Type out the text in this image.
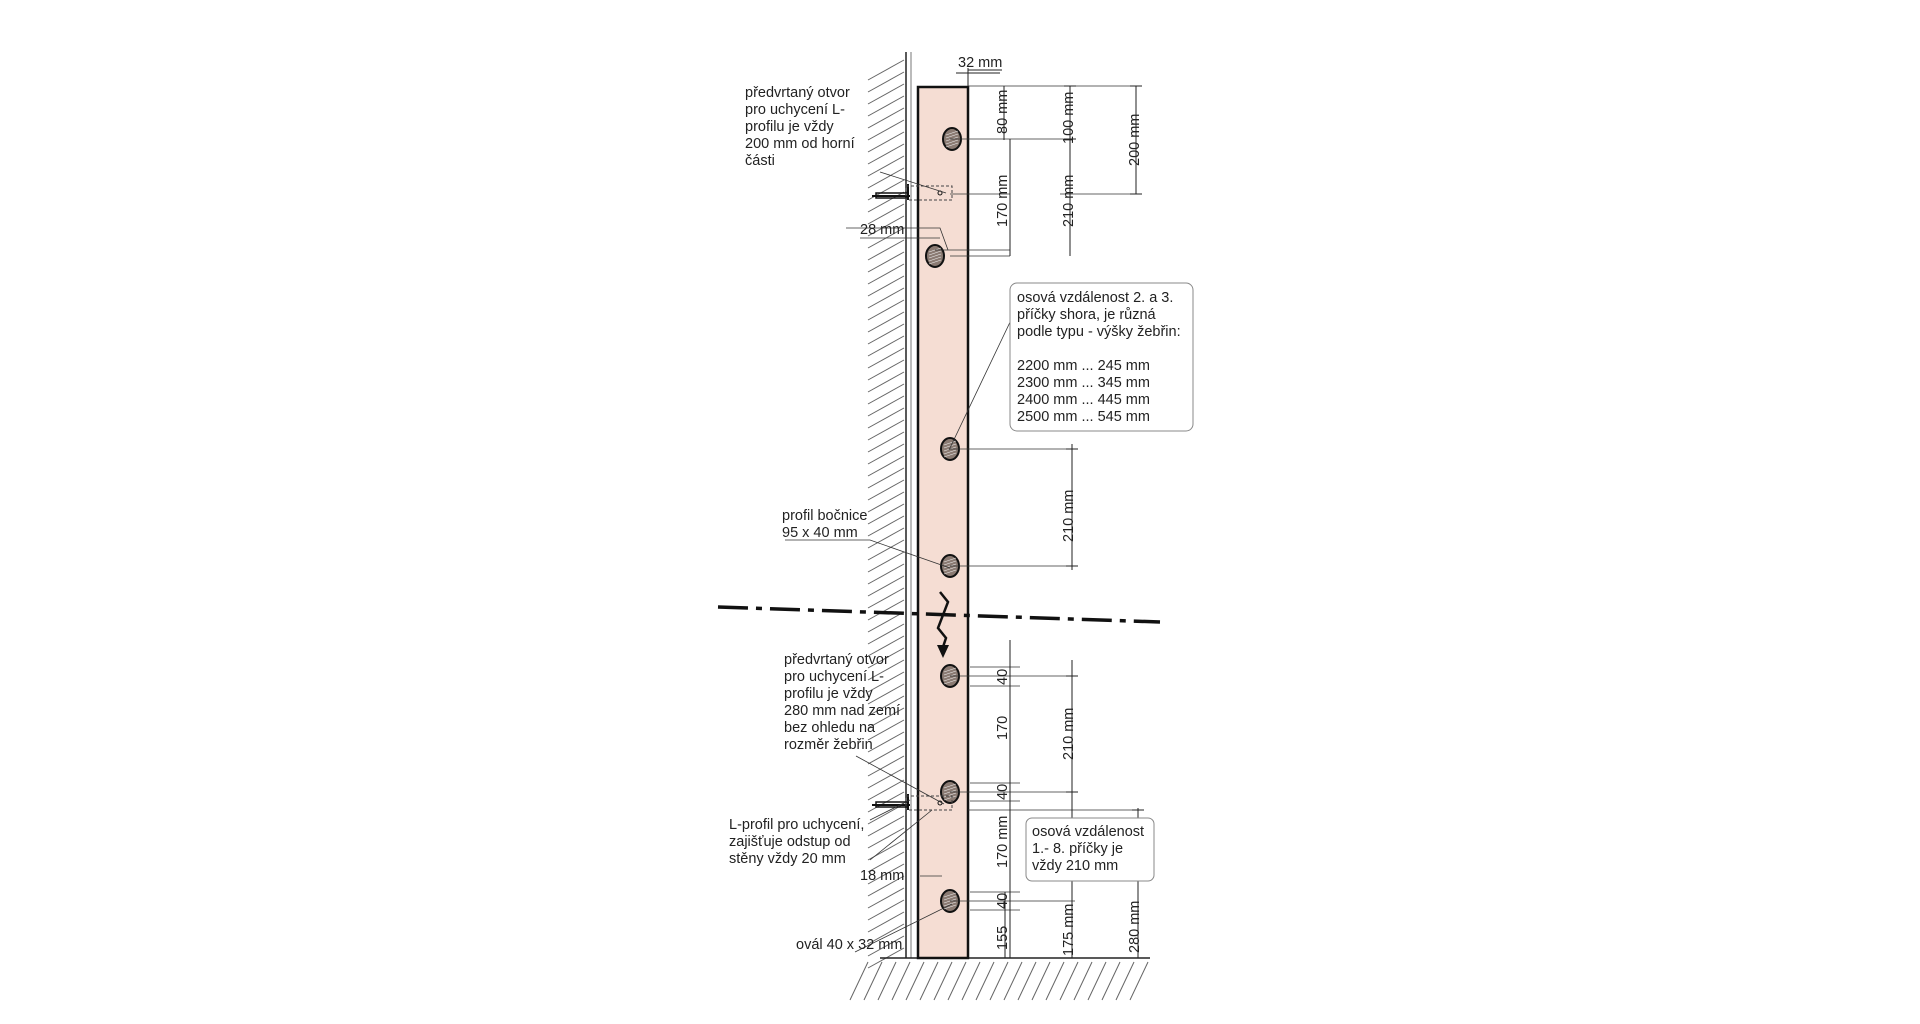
32 mm
28 mm
18 mm
80 mm	100 mm	200 mm
170 mm	210 mm
210 mm
40
170	210 mm
40
170 mm
40
155	175 mm	280 mm
předvrtaný otvor pro uchycení L-profilu je vždy 200 mm od horní části
osová vzdálenost 2. a 3. příčky shora, je různá podle typu - výšky žebřin: 2200 mm ... 245 mm 2300 mm ... 345 mm 2400 mm ... 445 mm 2500 mm ... 545 mm
profil bočnice 95 x 40 mm
předvrtaný otvor pro uchycení L-profilu je vždy 280 mm nad zemí bez ohledu na rozměr žebřin
L-profil pro uchycení, zajišťuje odstup od stěny vždy 20 mm
osová vzdálenost 1.- 8. příčky je vždy 210 mm
ovál 40 x 32 mm
